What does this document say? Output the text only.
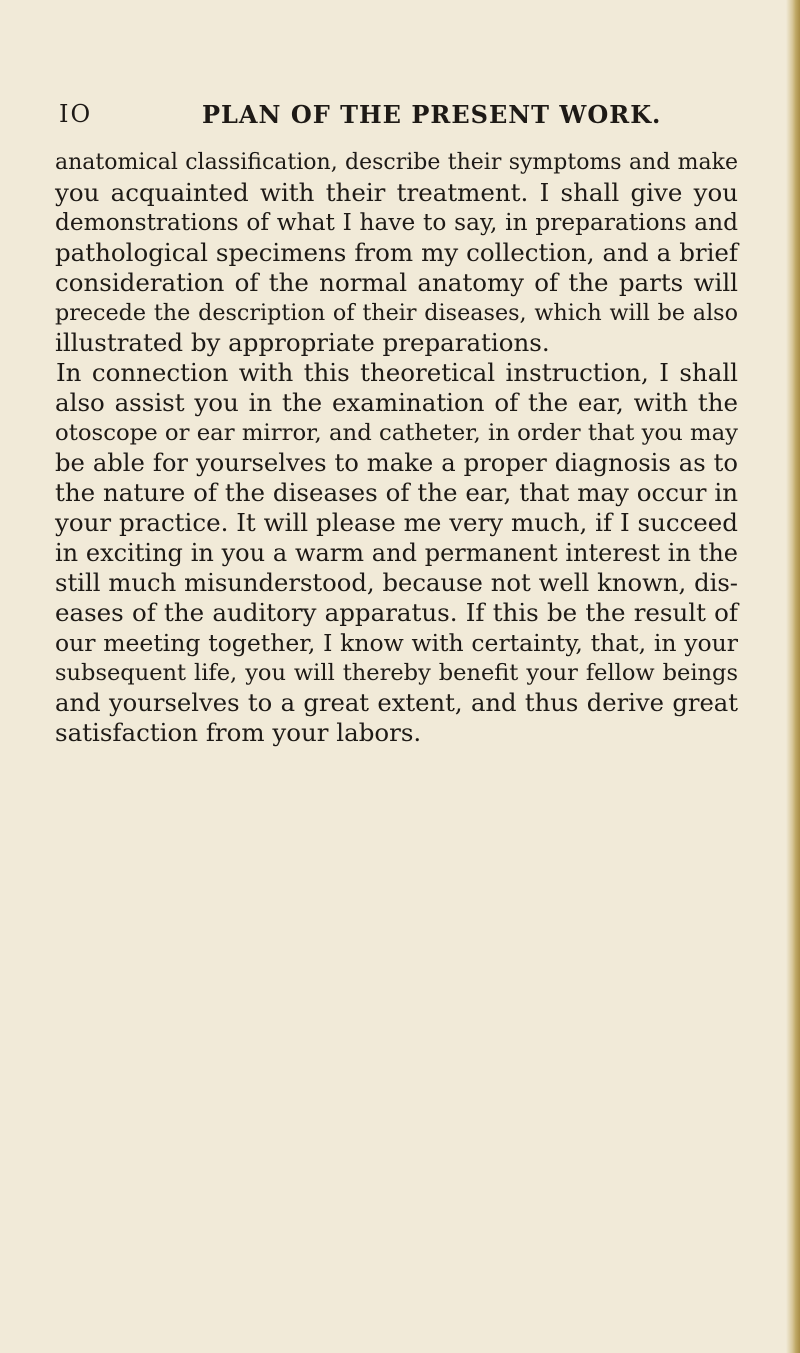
IO	PLAN OF THE PRESENT WORK.
anatomical classification, describe their symptoms and make
you acquainted with their treatment. I shall give you
demonstrations of what I have to say, in preparations and
pathological specimens from my collection, and a brief
consideration of the normal anatomy of the parts will
precede the description of their diseases, which will be also
illustrated by appropriate preparations.
In connection with this theoretical instruction, I shall
also assist you in the examination of the ear, with the
otoscope or ear mirror, and catheter, in order that you may
be able for yourselves to make a proper diagnosis as to
the nature of the diseases of the ear, that may occur in
your practice. It will please me very much, if I succeed
in exciting in you a warm and permanent interest in the
still much misunderstood, because not well known, dis-
eases of the auditory apparatus. If this be the result of
our meeting together, I know with certainty, that, in your
subsequent life, you will thereby benefit your fellow beings
and yourselves to a great extent, and thus derive great
satisfaction from your labors.
